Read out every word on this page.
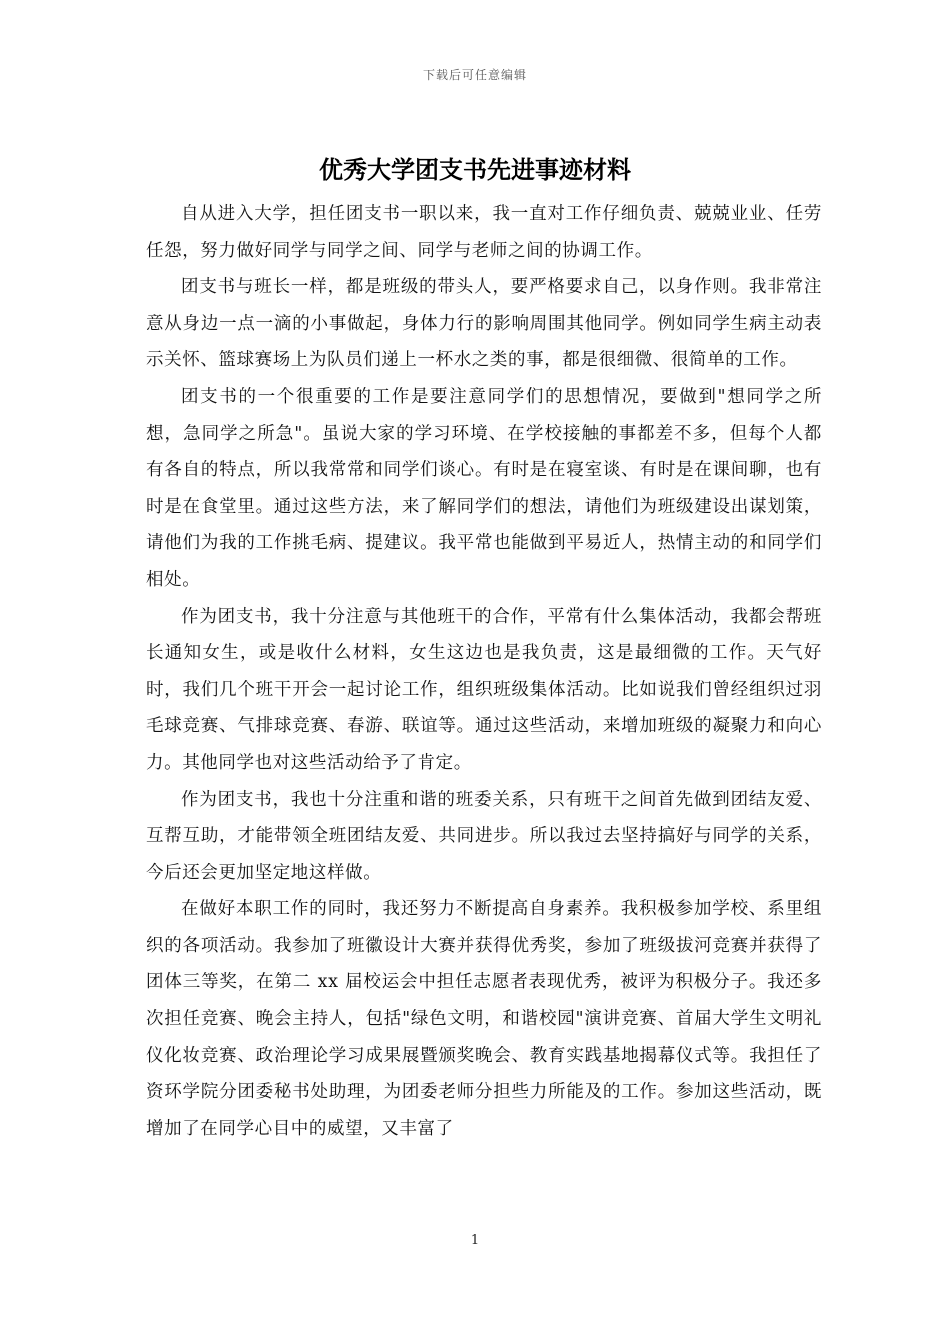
下载后可任意编辑
优秀大学团支书先进事迹材料

自从进入大学，担任团支书一职以来，我一直对工作仔细负责、兢兢业业、任劳任怨，努力做好同学与同学之间、同学与老师之间的协调工作。

团支书与班长一样，都是班级的带头人，要严格要求自己，以身作则。我非常注意从身边一点一滴的小事做起，身体力行的影响周围其他同学。例如同学生病主动表示关怀、篮球赛场上为队员们递上一杯水之类的事，都是很细微、很简单的工作。

团支书的一个很重要的工作是要注意同学们的思想情况，要做到"想同学之所想，急同学之所急"。虽说大家的学习环境、在学校接触的事都差不多，但每个人都有各自的特点，所以我常常和同学们谈心。有时是在寝室谈、有时是在课间聊，也有时是在食堂里。通过这些方法，来了解同学们的想法，请他们为班级建设出谋划策，请他们为我的工作挑毛病、提建议。我平常也能做到平易近人，热情主动的和同学们相处。

作为团支书，我十分注意与其他班干的合作，平常有什么集体活动，我都会帮班长通知女生，或是收什么材料，女生这边也是我负责，这是最细微的工作。天气好时，我们几个班干开会一起讨论工作，组织班级集体活动。比如说我们曾经组织过羽毛球竞赛、气排球竞赛、春游、联谊等。通过这些活动，来增加班级的凝聚力和向心力。其他同学也对这些活动给予了肯定。

作为团支书，我也十分注重和谐的班委关系，只有班干之间首先做到团结友爱、互帮互助，才能带领全班团结友爱、共同进步。所以我过去坚持搞好与同学的关系，今后还会更加坚定地这样做。

在做好本职工作的同时，我还努力不断提高自身素养。我积极参加学校、系里组织的各项活动。我参加了班徽设计大赛并获得优秀奖，参加了班级拔河竞赛并获得了团体三等奖，在第二 xx 届校运会中担任志愿者表现优秀，被评为积极分子。我还多次担任竞赛、晚会主持人，包括"绿色文明，和谐校园"演讲竞赛、首届大学生文明礼仪化妆竞赛、政治理论学习成果展暨颁奖晚会、教育实践基地揭幕仪式等。我担任了资环学院分团委秘书处助理，为团委老师分担些力所能及的工作。参加这些活动，既增加了在同学心目中的威望，又丰富了

1
